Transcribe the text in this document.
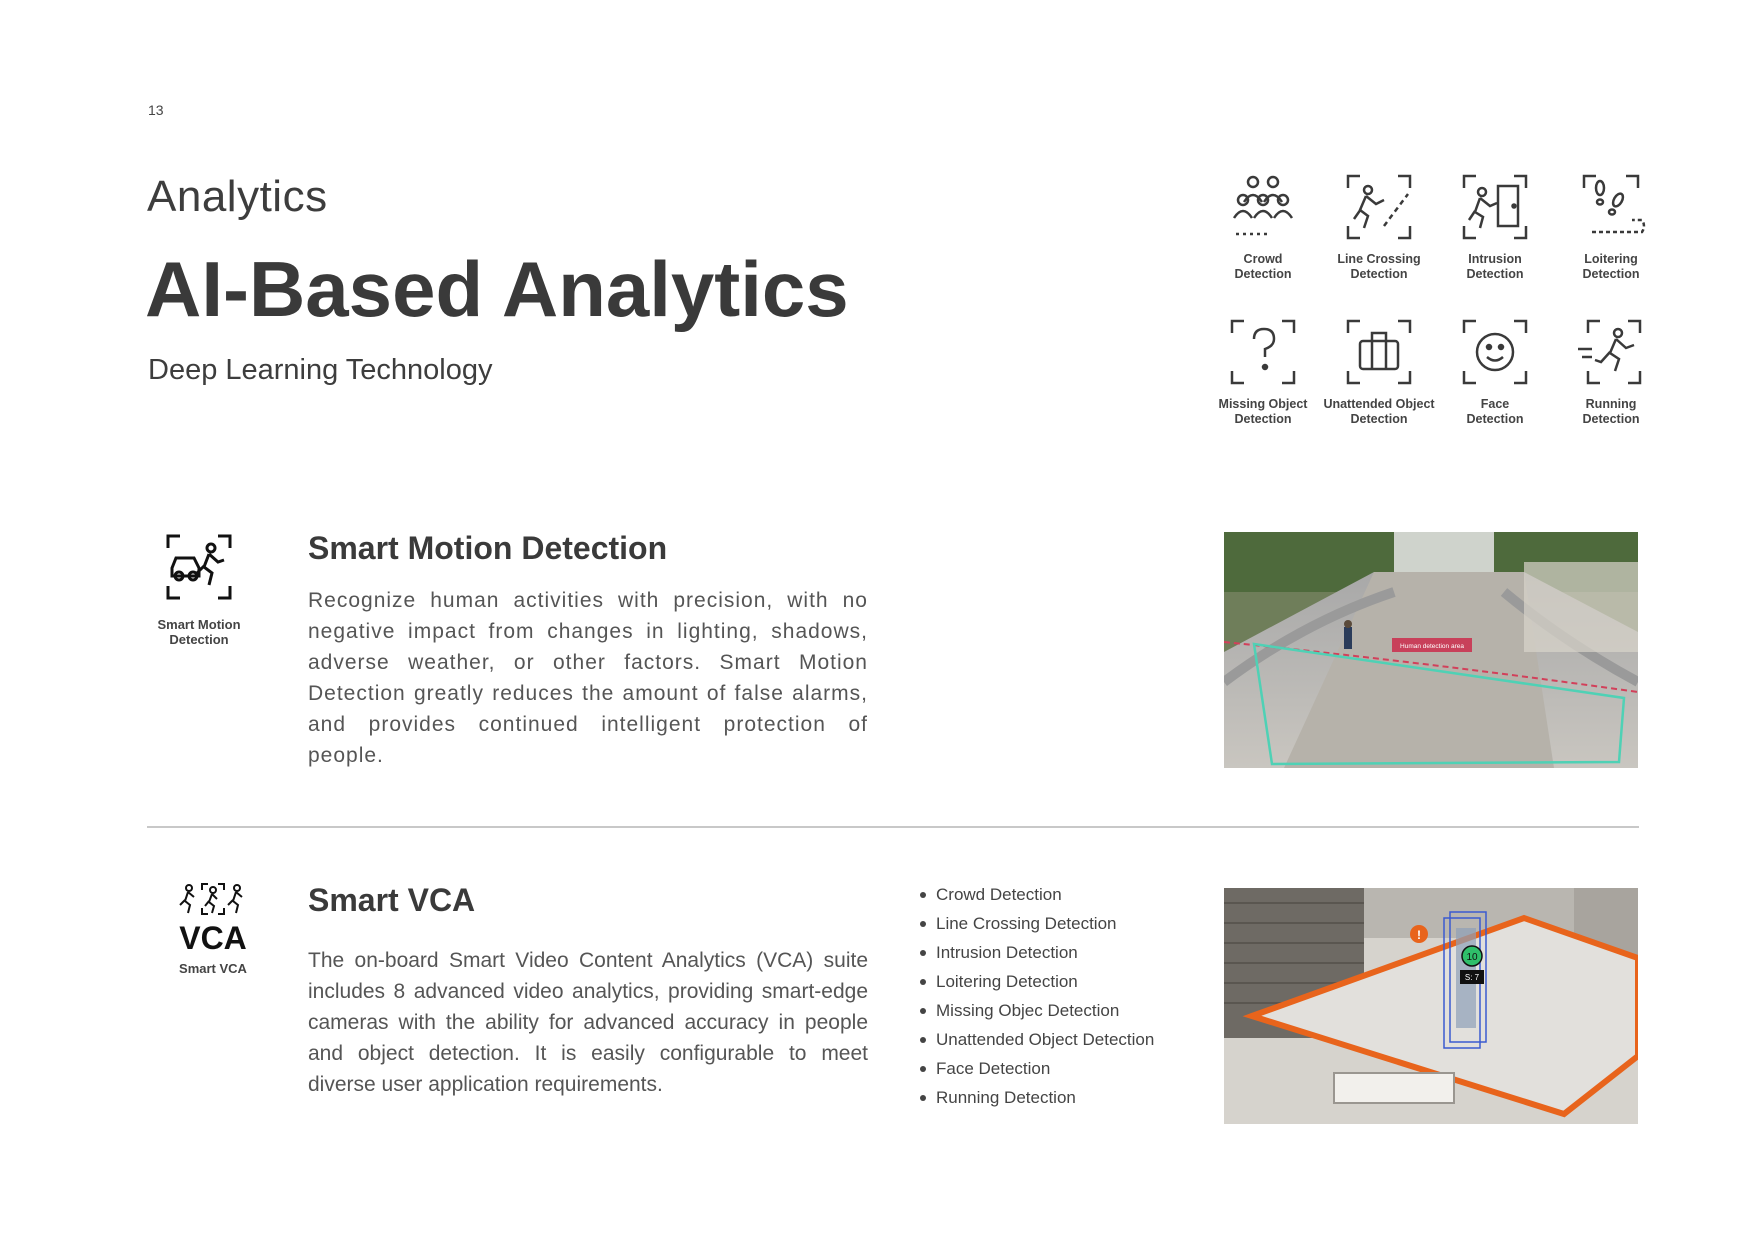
13
Analytics
AI-Based Analytics
Deep Learning Technology
Crowd
Detection
Line Crossing
Detection
Intrusion
Detection
Loitering
Detection
Missing Object
Detection
Unattended Object
Detection
Face
Detection
Running
Detection
Smart Motion
Detection
Smart Motion Detection
Recognize human activities with precision, with no negative impact from changes in lighting, shadows, adverse weather, or other factors. Smart Motion Detection greatly reduces the amount of false alarms, and provides continued intelligent protection of people.
Human detection area
VCA
Smart VCA
Smart VCA
The on-board Smart Video Content Analytics (VCA) suite includes 8 advanced video analytics, providing smart-edge cameras with the ability for advanced accuracy in people and object detection. It is easily configurable to meet diverse user application requirements.
Crowd Detection
Line Crossing Detection
Intrusion Detection
Loitering Detection
Missing Objec Detection
Unattended Object Detection
Face Detection
Running Detection
!
10
S: 7
